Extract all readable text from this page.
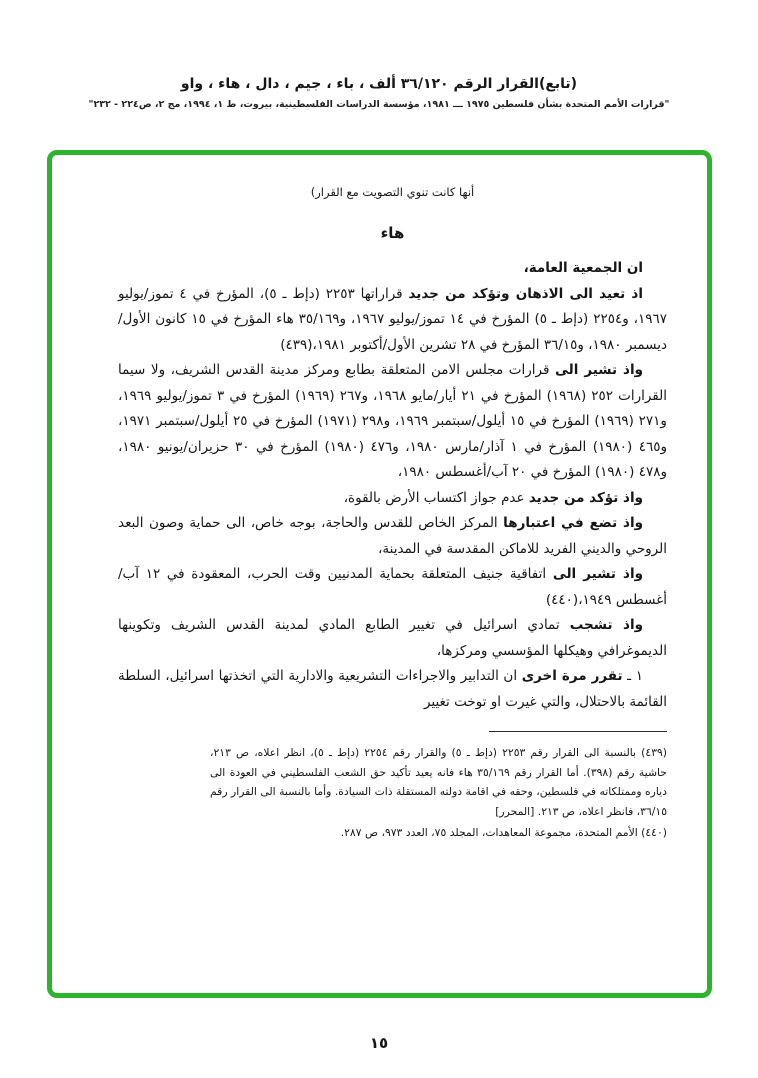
(تابع)القرار الرقم ٣٦/١٢٠ ألف ، باء ، جيم ، دال ، هاء ، واو
"قرارات الأمم المتحدة بشأن فلسطين ١٩٧٥ ـــ ١٩٨١، مؤسسة الدراسات الفلسطينية، بيروت، ط ١، ١٩٩٤، مج ٢، ص٢٢٤ - ٢٣٢"
أنها كانت تنوي التصويت مع القرار)
هاء

ان الجمعية العامة،

اذ تعيد الى الاذهان وتؤكد من جديد قراراتها ٢٢٥٣ (دإط ـ ٥)، المؤرخ في ٤ تموز/يوليو ١٩٦٧، و٢٢٥٤ (دإط ـ ٥) المؤرخ في ١٤ تموز/يوليو ١٩٦٧، و٣٥/١٦٩ هاء المؤرخ في ١٥ كانون الأول/ديسمبر ١٩٨٠، و٣٦/١٥ المؤرخ في ٢٨ تشرين الأول/أكتوبر ١٩٨١،(٤٣٩)

واذ تشير الى قرارات مجلس الامن المتعلقة بطابع ومركز مدينة القدس الشريف، ولا سيما القرارات ٢٥٢ (١٩٦٨) المؤرخ في ٢١ أيار/مايو ١٩٦٨، و٢٦٧ (١٩٦٩) المؤرخ في ٣ تموز/يوليو ١٩٦٩، و٢٧١ (١٩٦٩) المؤرخ في ١٥ أيلول/سبتمبر ١٩٦٩، و٢٩٨ (١٩٧١) المؤرخ في ٢٥ أيلول/سبتمبر ١٩٧١، و٤٦٥ (١٩٨٠) المؤرخ في ١ آذار/مارس ١٩٨٠، و٤٧٦ (١٩٨٠) المؤرخ في ٣٠ حزيران/يونيو ١٩٨٠، و٤٧٨ (١٩٨٠) المؤرخ في ٢٠ آب/أغسطس ١٩٨٠،

واذ تؤكد من جديد عدم جواز اكتساب الأرض بالقوة،

واذ تضع في اعتبارها المركز الخاص للقدس والحاجة، بوجه خاص، الى حماية وصون البعد الروحي والديني الفريد للاماكن المقدسة في المدينة،

واذ تشير الى اتفاقية جنيف المتعلقة بحماية المدنيين وقت الحرب، المعقودة في ١٢ آب/أغسطس ١٩٤٩،(٤٤٠)

واذ تشجب تمادي اسرائيل في تغيير الطابع المادي لمدينة القدس الشريف وتكوينها الديموغرافي وهيكلها المؤسسي ومركزها،

١ ـ تقرر مرة اخرى ان التدابير والاجراءات التشريعية والادارية التي اتخذتها اسرائيل، السلطة القائمة بالاحتلال، والتي غيرت او توخت تغيير

(٤٣٩) بالنسبة الى القرار رقم ٢٢٥٣ (دإط ـ ٥) والقرار رقم ٢٢٥٤ (دإط ـ ٥)، انظر اعلاه، ص ٢١٣، حاشية رقم (٣٩٨). أما القرار رقم ٣٥/١٦٩ هاء فانه يعيد تأكيد حق الشعب الفلسطيني في العودة الى دياره وممتلكاته في فلسطين، وحقه في اقامة دولته المستقلة ذات السيادة. وأما بالنسبة الى القرار رقم ٣٦/١٥، فانظر اعلاه، ص ٢١٣. [المحرر]

(٤٤٠) الأمم المتحدة، مجموعة المعاهدات، المجلد ٧٥، العدد ٩٧٣، ص ٢٨٧.

١٥
